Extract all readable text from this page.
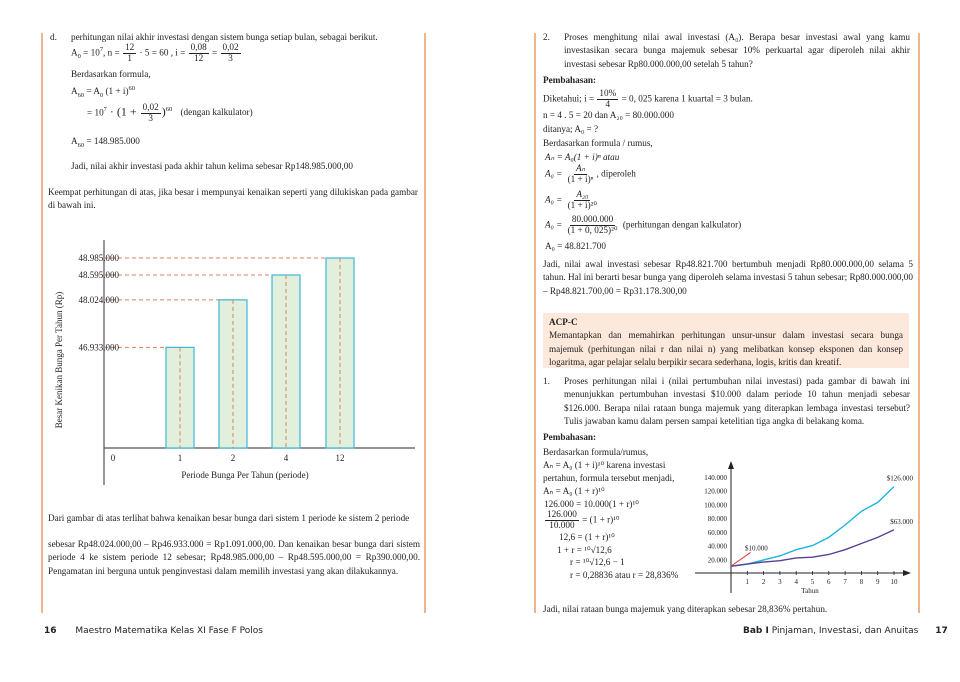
d. perhitungan nilai akhir investasi dengan sistem bunga setiap bulan, sebagai berikut.
$A_0 = 10^7$, $n = \frac{12}{1} \cdot 5 = 60$ , $i = \frac{0,08}{12} = \frac{0,02}{3}$
Berdasarkan formula,
$A_{60} = A_0$ $(1 + i)^{60}$
= $10^7 \cdot (1 + \frac{0,02}{3} )^{60}$ (dengan kalkulator)
$A_{60} = 148.985.000$
Jadi, nilai akhir investasi pada akhir tahun kelima sebesar Rp148.985.000,00
Keempat perhitungan di atas, jika besar i mempunyai kenaikan seperti yang dilukiskan pada gambar di bawah ini.
0	1
46.933.000
2
48.024.000
4
48.595.000
12
48.985.000
Periode Bunga Per Tahun (periode)
Besar Kenikan Bunga Per Tahun (Rp)
Dari gambar di atas terlihat bahwa kenaikan besar bunga dari sistem 1 periode ke sistem 2 periode
sebesar Rp48.024.000,00 – Rp46.933.000 = Rp1.091.000,00. Dan kenaikan besar bunga dari sistem periode 4 ke sistem periode 12 sebesar; Rp48.985.000,00 – Rp48.595.000,00 = Rp390.000,00. Pengamatan ini berguna untuk penginvestasi dalam memilih investasi yang akan dilakukannya.
16 Maestro Matematika Kelas XI Fase F Polos
2. Proses menghitung nilai awal investasi (A₀). Berapa besar investasi awal yang kamu investasikan secara bunga majemuk sebesar 10% perkuartal agar diperoleh nilai akhir investasi sebesar Rp80.000.000,00 setelah 5 tahun?
Pembahasan:
Diketahui; $i = \frac{10\%}{4} = 0$, 025 karena 1 kuartal = 3 bulan.
n = 4 . 5 = 20 dan A₂₀ = 80.000.000
ditanya; A₀ = ?
Berdasarkan formula / rumus,
Aₙ = A₀(1 + i)ⁿ atau
$A_0 = \frac{\text{Aₙ}}{\text{(1 + i)ⁿ}}$ , diperoleh
$A_0 = \frac{\text{A₂₀}}{\text{(1 + i)²⁰}}$
$A_0 = \frac{80.000.000}{\text{(1 + 0, 025)²⁰}}$ (perhitungan dengan kalkulator)
A₀ = 48.821.700
Jadi, nilai awal investasi sebesar Rp48.821.700 bertumbuh menjadi Rp80.000.000,00 selama 5 tahun. Hal ini berarti besar bunga yang diperoleh selama investasi 5 tahun sebesar; Rp80.000.000,00 – Rp48.821.700,00 = Rp31.178.300,00
ACP-C
Memantapkan dan memahirkan perhitungan unsur-unsur dalam investasi secara bunga majemuk (perhitungan nilai r dan nilai n) yang melibatkan konsep eksponen dan konsep logaritma, agar pelajar selalu berpikir secara sederhana, logis, kritis dan kreatif.
1. Proses perhitungan nilai i (nilai pertumbuhan nilai investasi) pada gambar di bawah ini menunjukkan pertumbuhan investasi $10.000 dalam periode 10 tahun menjadi sebesar $126.000. Berapa nilai rataan bunga majemuk yang diterapkan lembaga investasi tersebut? Tulis jawaban kamu dalam persen sampai ketelitian tiga angka di belakang koma.
Pembahasan:
Berdasarkan formula/rumus,
Aₙ = A₀ (1 + i)¹⁰ karena investasi
pertahun, formula tersebut menjadi,
Aₙ = A₀ (1 + r)¹⁰
126.000 = 10.000(1 + r)¹⁰
$\frac{126.000}{10.000} = (1 + r)^{10}$
12,6 = (1 + r)¹⁰
1 + r = ¹⁰√12,6
r = ¹⁰√12,6 − 1
r = 0,28836 atau r = 28,836%
20.000
40.000
60.000
80.000
100.000
120.000
140.000
1 2 3 4 5 6 7 8 9 10
Tahun
$126.000
$63.000
$10.000
Jadi, nilai rataan bunga majemuk yang diterapkan sebesar 28,836% pertahun.
Bab I Pinjaman, Investasi, dan Anuitas 17
